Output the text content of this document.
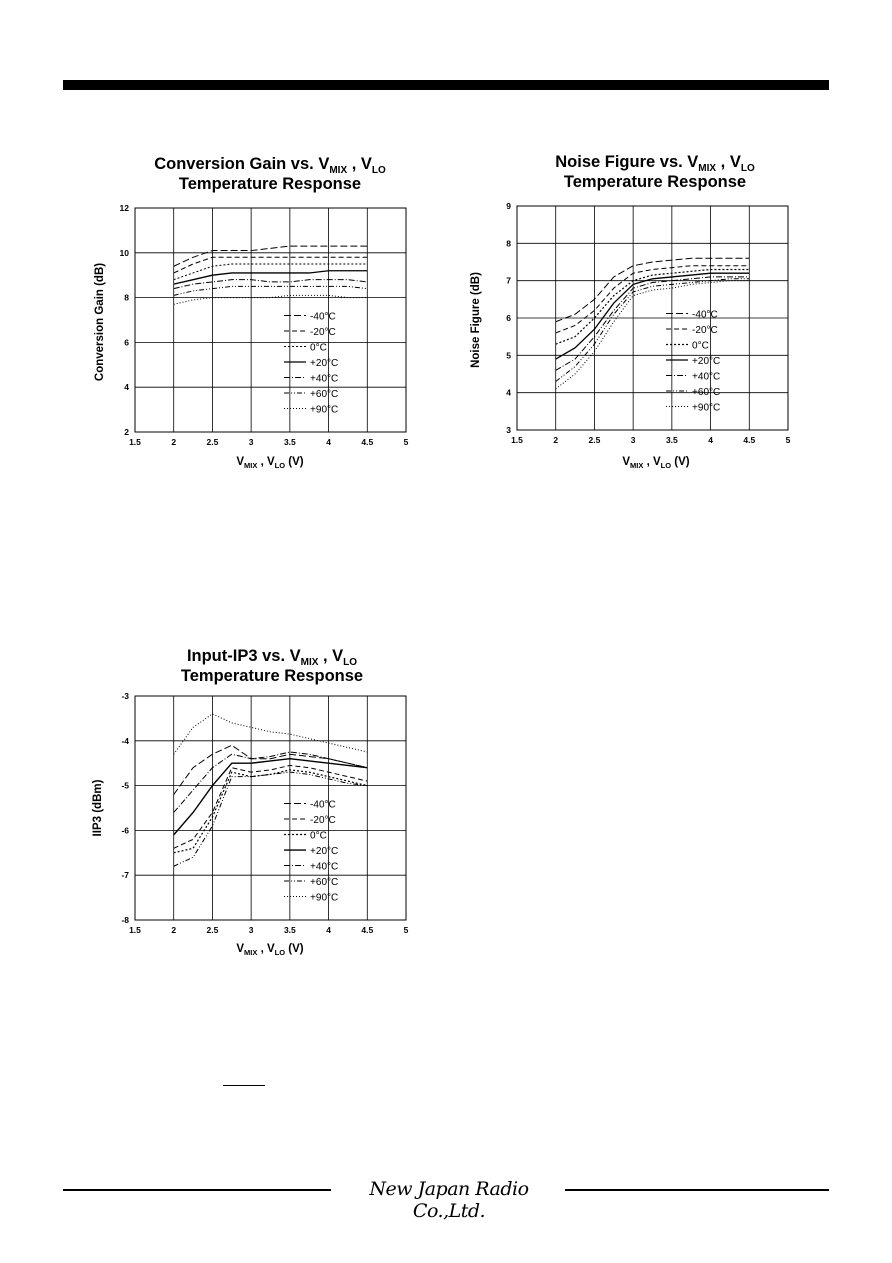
Conversion Gain vs. $V_{MIX}$ , $V_{LO}$
Temperature Response
Conversion Gain (dB)
1.5	2	2.5	3	3.5	4	4.5	5
2
4
6
8
10
12
-40°C
-20°C
0°C
+20°C
+40°C
+60°C
+90°C
$V_{MIX}$ , $V_{LO}$ (V)
Noise Figure vs. $V_{MIX}$ , $V_{LO}$
Temperature Response
Noise Figure (dB)
1.5	2	2.5	3	3.5	4	4.5	5
3
4
5
6
7
8
9
-40°C
-20°C
0°C
+20°C
+40°C
+60°C
+90°C
$V_{MIX}$ , $V_{LO}$ (V)
Input-IP3 vs. $V_{MIX}$ , $V_{LO}$
Temperature Response
IIP3 (dBm)
1.5	2	2.5	3	3.5	4	4.5	5
-8
-7
-6
-5
-4
-3
-40°C
-20°C
0°C
+20°C
+40°C
+60°C
+90°C
$V_{MIX}$ , $V_{LO}$ (V)
New Japan Radio Co.,Ltd.
